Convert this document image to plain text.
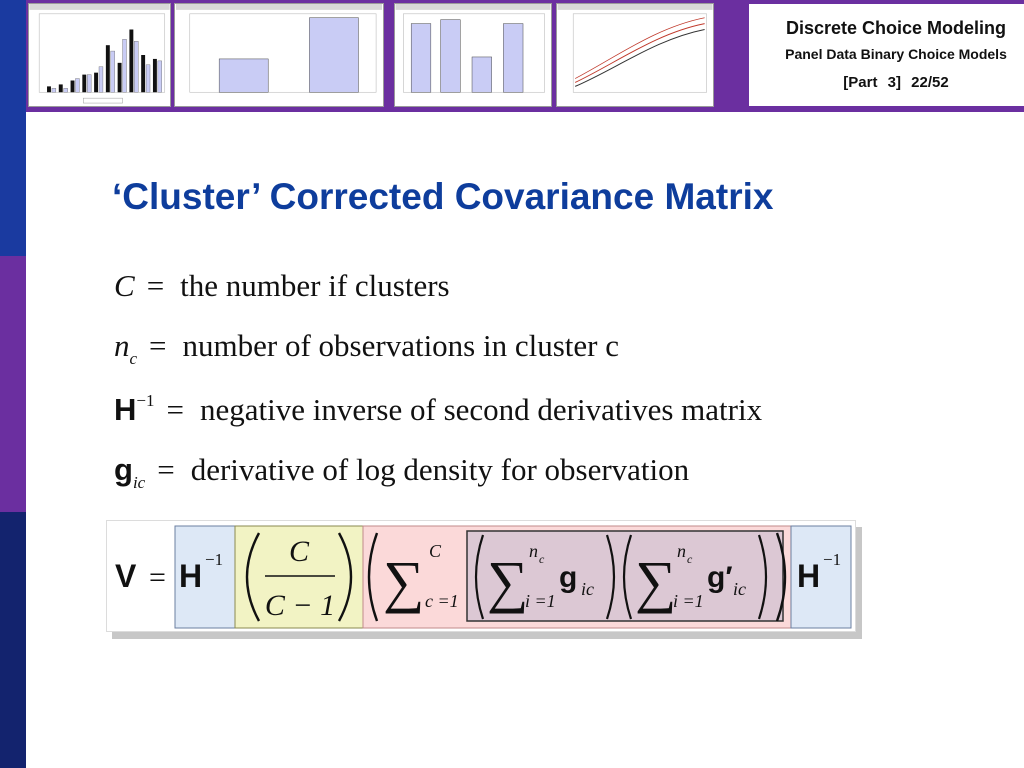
Discrete Choice Modeling
Panel Data Binary Choice Models
[Part 3] 22/52
‘Cluster’ Corrected Covariance Matrix
C = the number if clusters
$n_c$ = number of observations in cluster c
$H^{-1}$ = negative inverse of second derivatives matrix
$g_{ic}$ = derivative of log density for observation
V = H −1 C
C − 1 ∑ C
c =1 ∑ n c
i =1
g ic ∑ n c
i =1
g′ ic H −1
